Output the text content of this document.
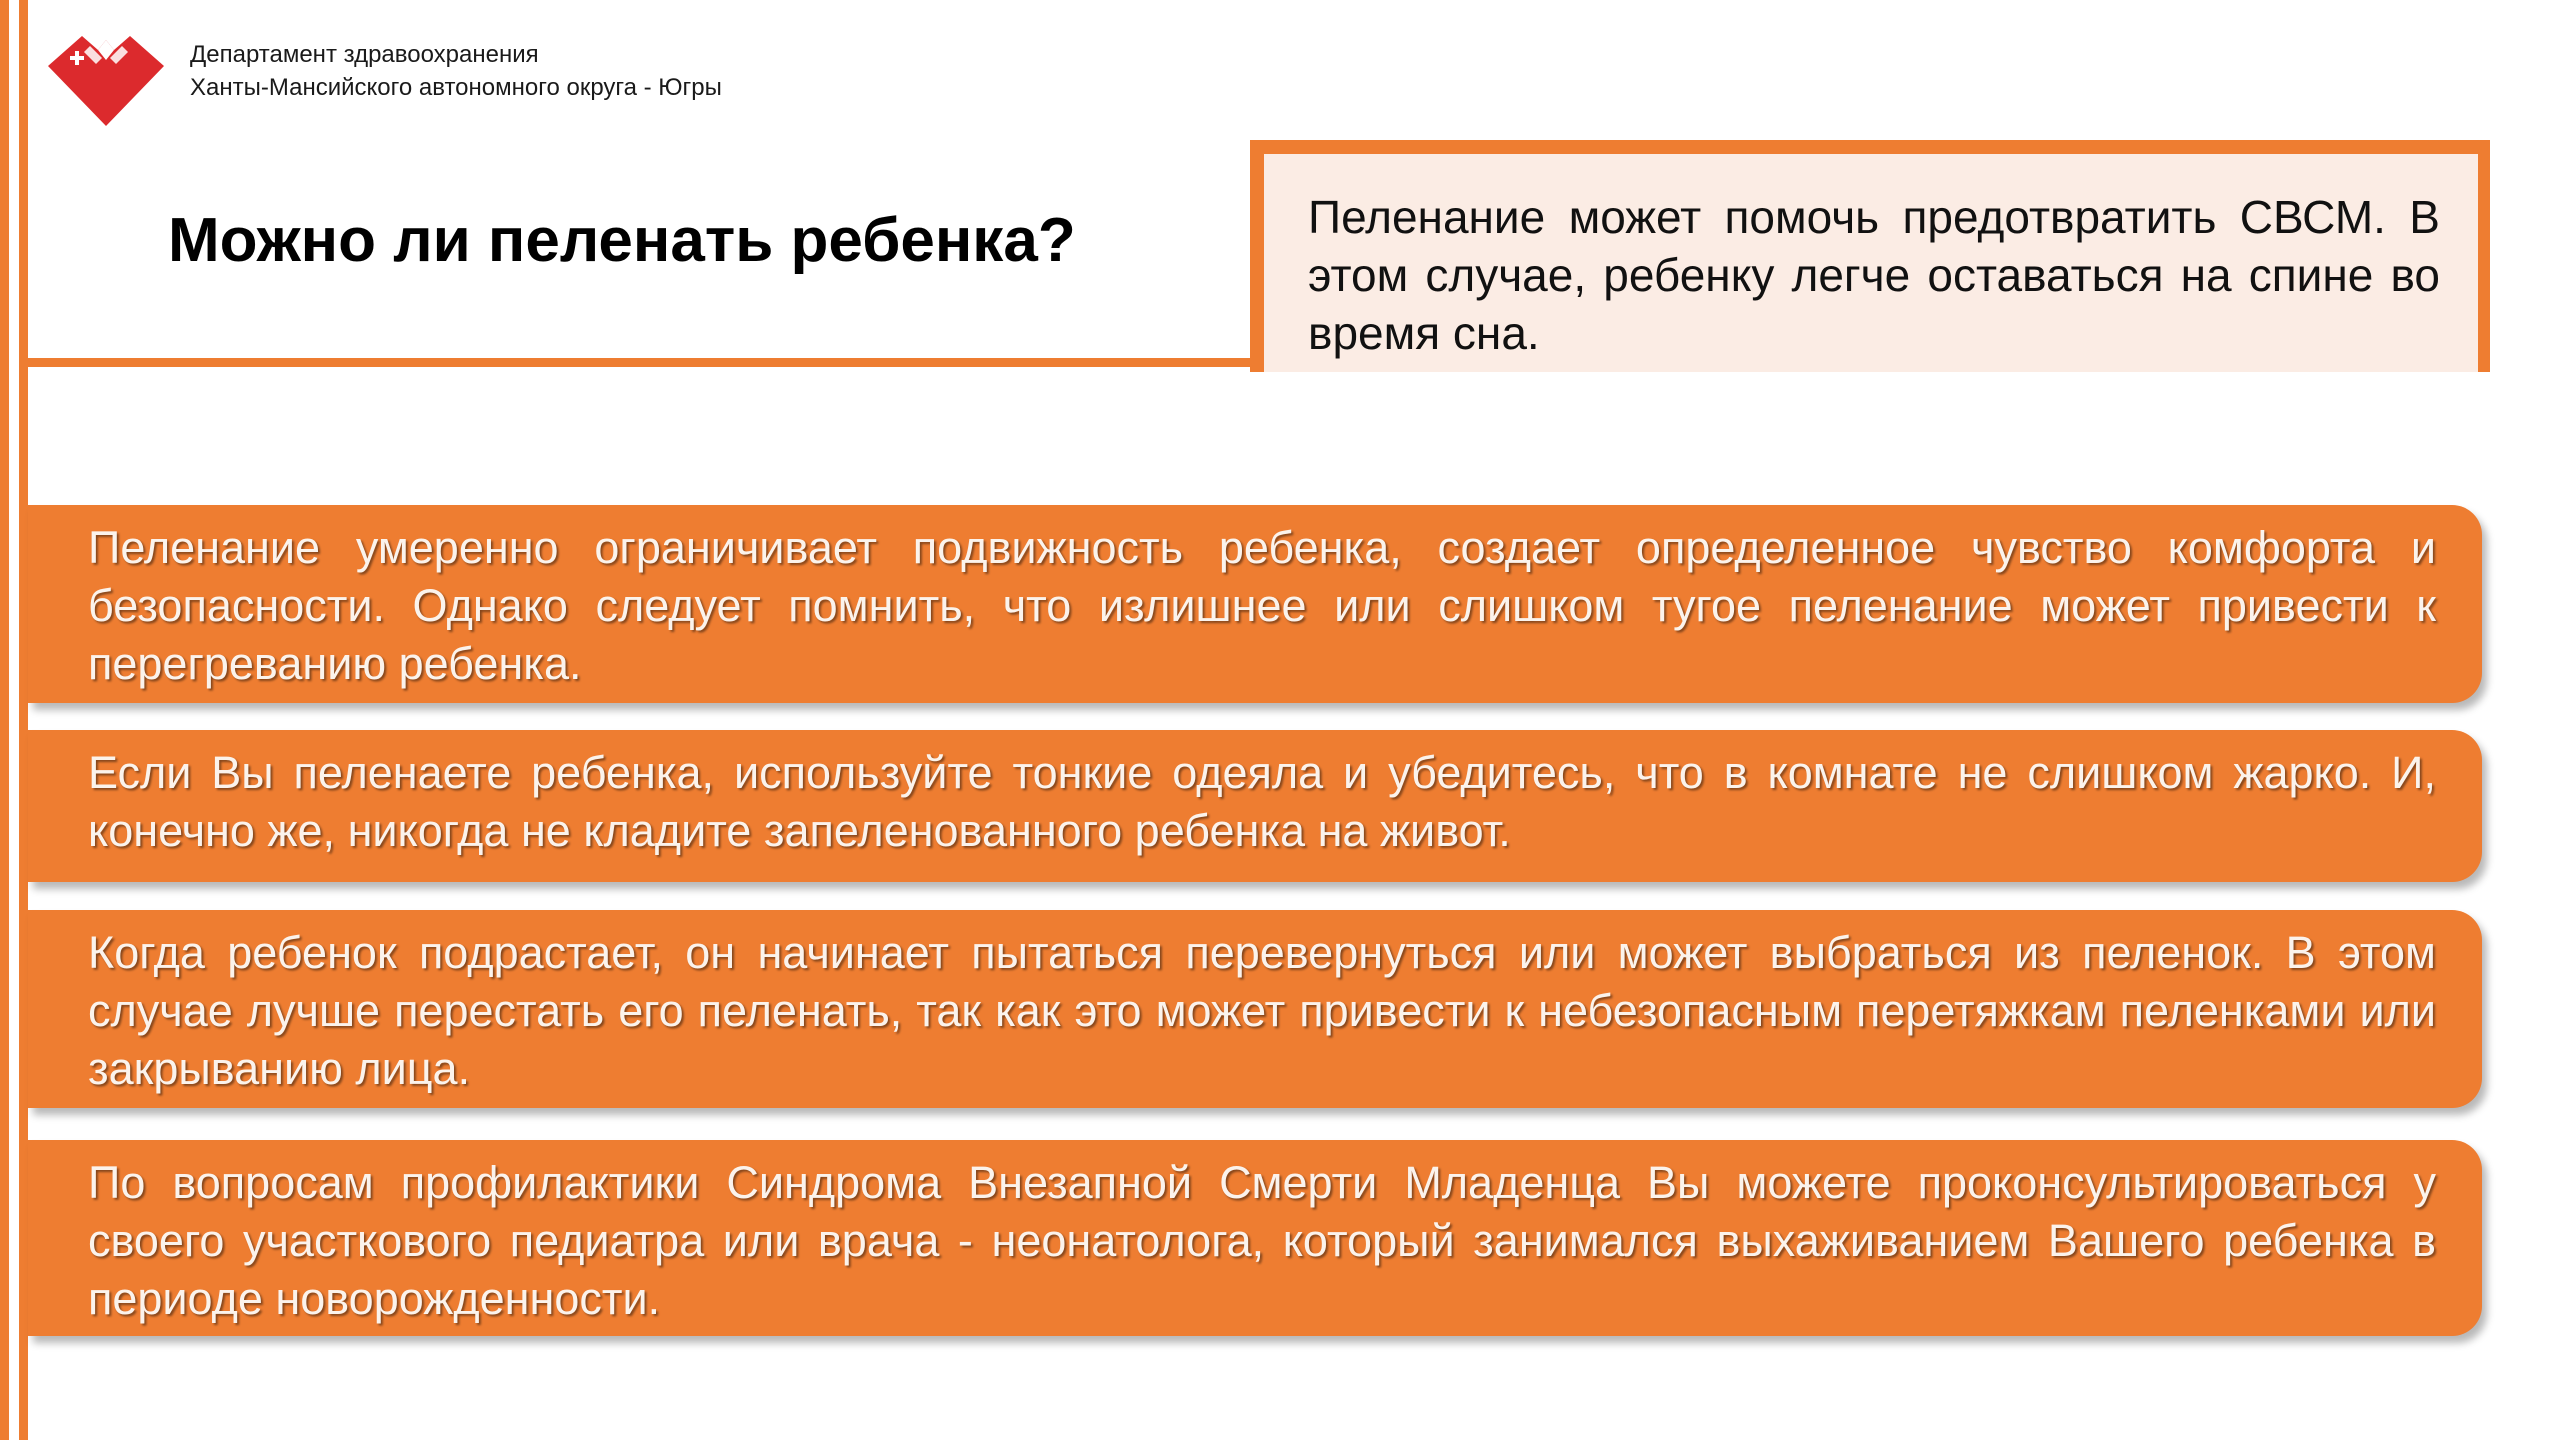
Департамент здравоохранения
Ханты-Мансийского автономного округа - Югры
Можно ли пеленать ребенка?	Пеленание может помочь предотвратить СВСМ. В этом случае, ребенку легче оставаться на спине во время сна.
Пеленание умеренно ограничивает подвижность ребенка, создает определенное чувство комфорта и безопасности. Однако следует помнить, что излишнее или слишком тугое пеленание может привести к перегреванию ребенка.
Если Вы пеленаете ребенка, используйте тонкие одеяла и убедитесь, что в комнате не слишком жарко. И, конечно же, никогда не кладите запеленованного ребенка на живот.
Когда ребенок подрастает, он начинает пытаться перевернуться или может выбраться из пеленок. В этом случае лучше перестать его пеленать, так как это может привести к небезопасным перетяжкам пеленками или закрыванию лица.
По вопросам профилактики Синдрома Внезапной Смерти Младенца Вы можете проконсультироваться у своего участкового педиатра или врача - неонатолога, который занимался выхаживанием Вашего ребенка в периоде новорожденности.
